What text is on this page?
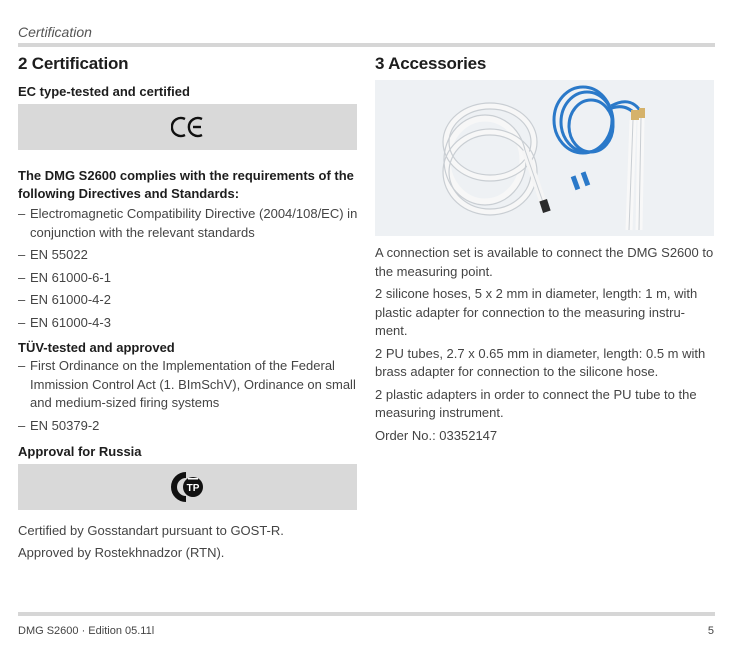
Certification
2 Certification
EC type-tested and certified
The DMG S2600 complies with the requirements of the following Directives and Standards:
– Electromagnetic Compatibility Directive (2004/108/EC) in conjunction with the relevant standards
– EN 55022
– EN 61000-6-1
– EN 61000-4-2
– EN 61000-4-3
TÜV-tested and approved
– First Ordinance on the Implementation of the Federal Immission Control Act (1. BImSchV), Ordinance on small and medium-sized firing systems
– EN 50379-2
Approval for Russia
TP

Certified by Gosstandart pursuant to GOST-R.

Approved by Rostekhnadzor (RTN).

3 Accessories

A connection set is available to connect the DMG S2600 to the measuring point.

2 silicone hoses, 5 x 2 mm in diameter, length: 1 m, with plastic adapter for connection to the measuring instru-ment.

2 PU tubes, 2.7 x 0.65 mm in diameter, length: 0.5 m with brass adapter for connection to the silicone hose.

2 plastic adapters in order to connect the PU tube to the measuring instrument.

Order No.: 03352147

DMG S2600 · Edition 05.11l	5
